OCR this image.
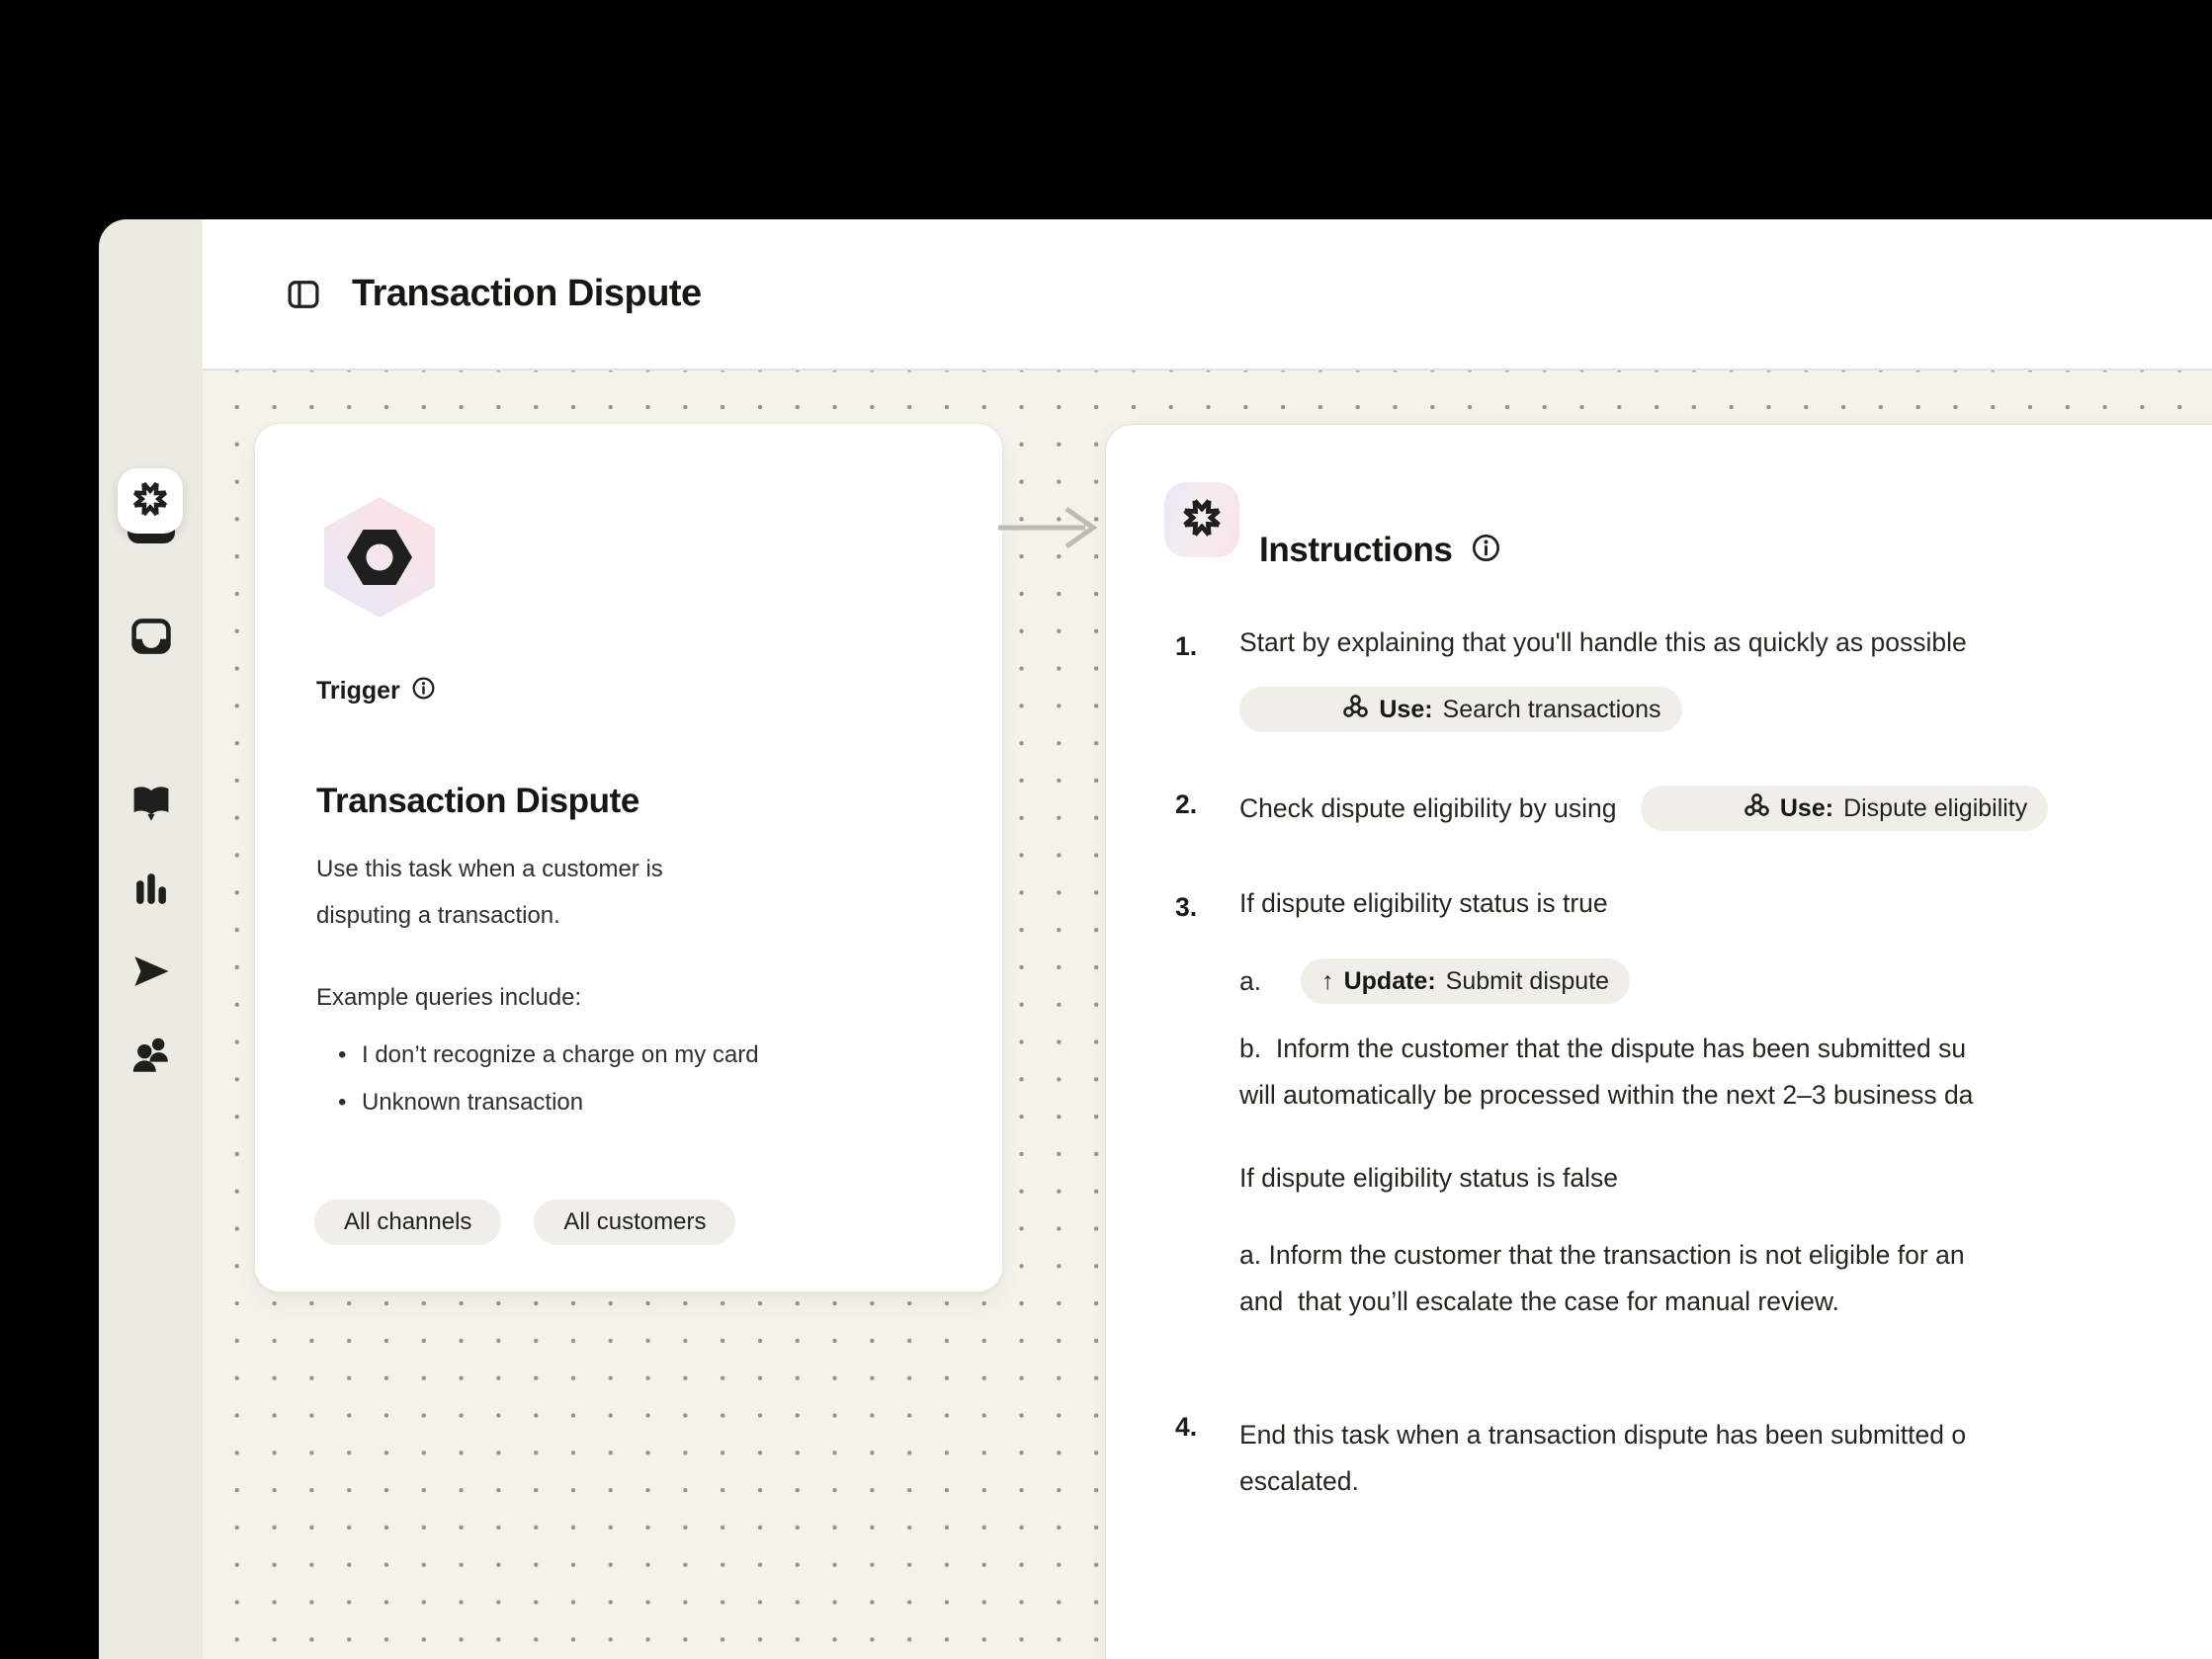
Transaction Dispute
Trigger
Transaction Dispute
Use this task when a customer is
disputing a transaction.
Example queries include:
• I don’t recognize a charge on my card
• Unknown transaction
All channels	All customers
Instructions
1. Start by explaining that you'll handle this as quickly as possible

Use: Search transactions
2. Check dispute eligibility by using

	Use: Dispute eligibility
3. If dispute eligibility status is true
a. ↑ Update: Submit dispute
b.  Inform the customer that the dispute has been submitted su
will automatically be processed within the next 2–3 business da
If dispute eligibility status is false
a. Inform the customer that the transaction is not eligible for an
and  that you’ll escalate the case for manual review.
4. End this task when a transaction dispute has been submitted o
escalated.
